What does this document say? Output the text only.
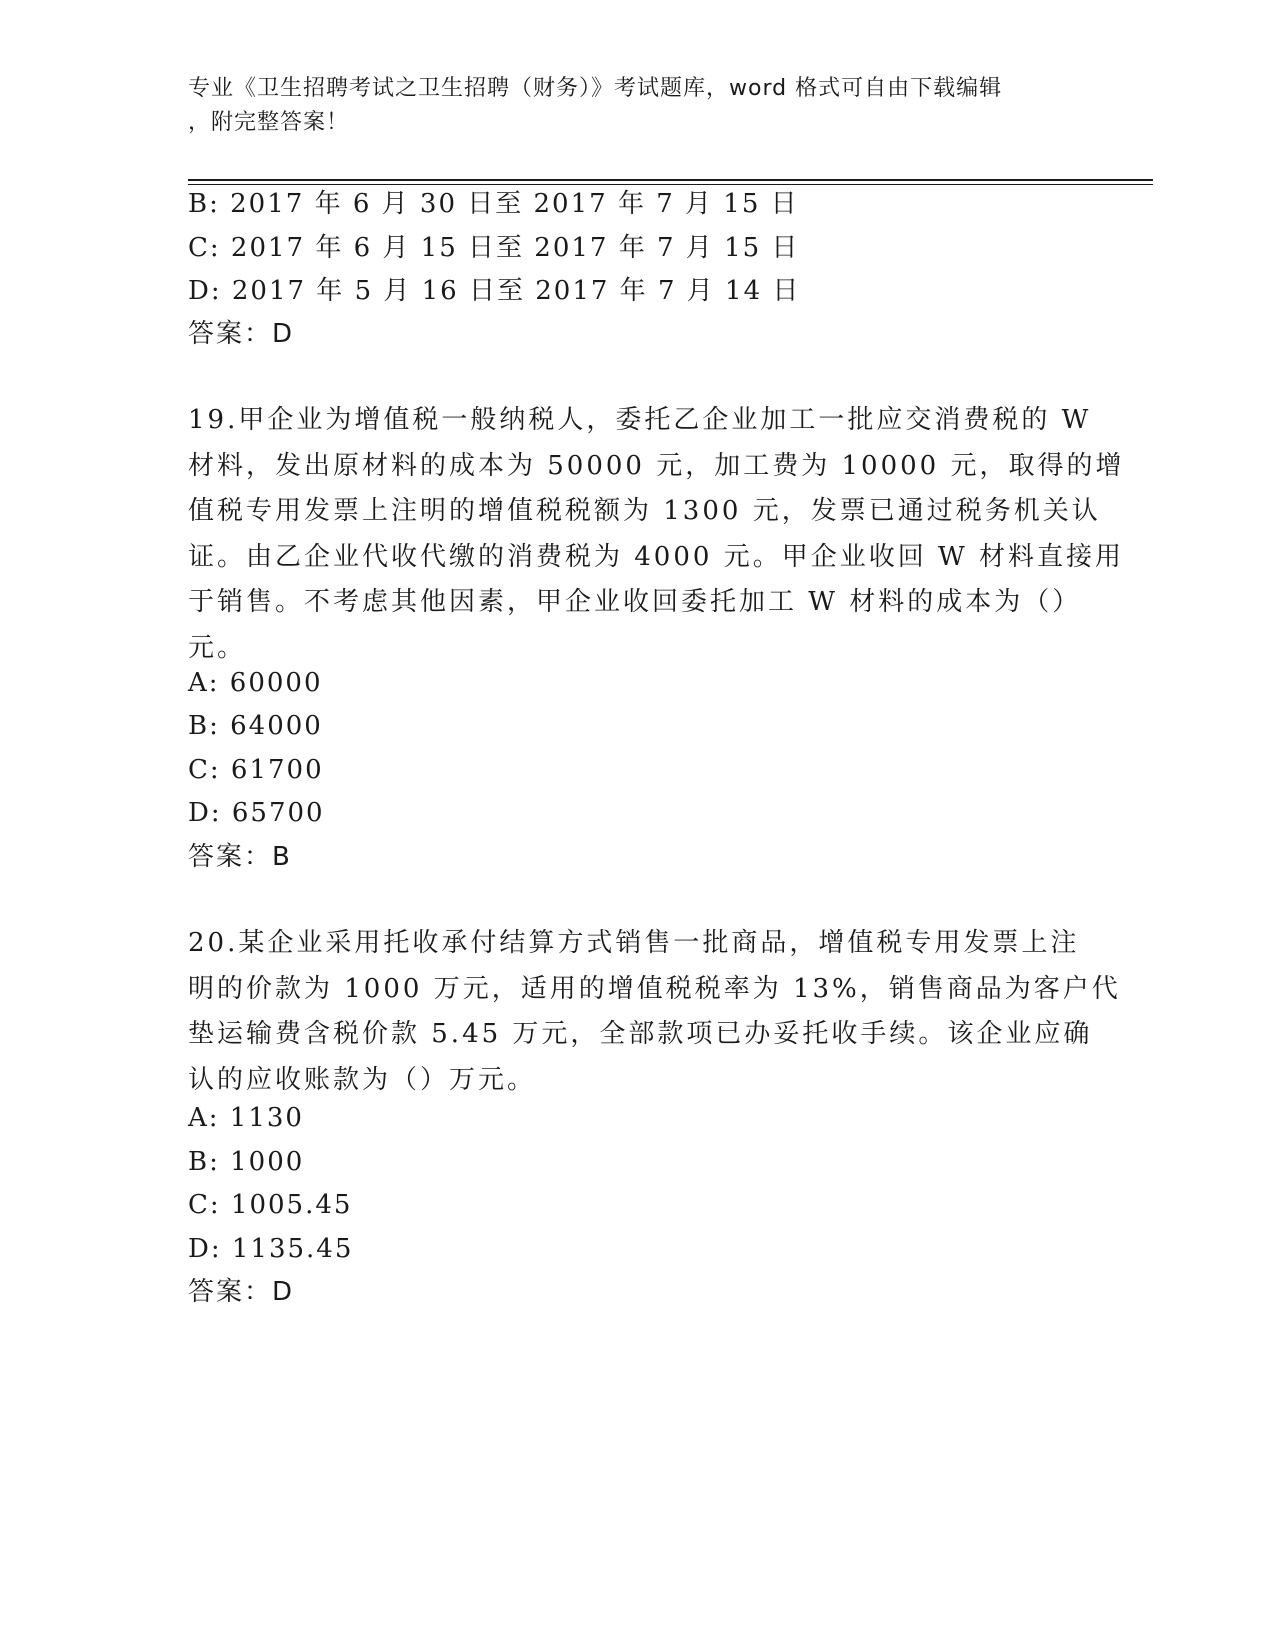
专业《卫生招聘考试之卫生招聘（财务）》考试题库，word 格式可自由下载编辑
，附完整答案！
B: 2017 年 6 月 30 日至 2017 年 7 月 15 日
C: 2017 年 6 月 15 日至 2017 年 7 月 15 日
D: 2017 年 5 月 16 日至 2017 年 7 月 14 日
答案：D
19.甲企业为增值税一般纳税人，委托乙企业加工一批应交消费税的 W
材料，发出原材料的成本为 50000 元，加工费为 10000 元，取得的增
值税专用发票上注明的增值税税额为 1300 元，发票已通过税务机关认
证。由乙企业代收代缴的消费税为 4000 元。甲企业收回 W 材料直接用
于销售。不考虑其他因素，甲企业收回委托加工 W 材料的成本为（）
元。
A: 60000
B: 64000
C: 61700
D: 65700
答案：B
20.某企业采用托收承付结算方式销售一批商品，增值税专用发票上注
明的价款为 1000 万元，适用的增值税税率为 13%，销售商品为客户代
垫运输费含税价款 5.45 万元，全部款项已办妥托收手续。该企业应确
认的应收账款为（）万元。
A: 1130
B: 1000
C: 1005.45
D: 1135.45
答案：D
